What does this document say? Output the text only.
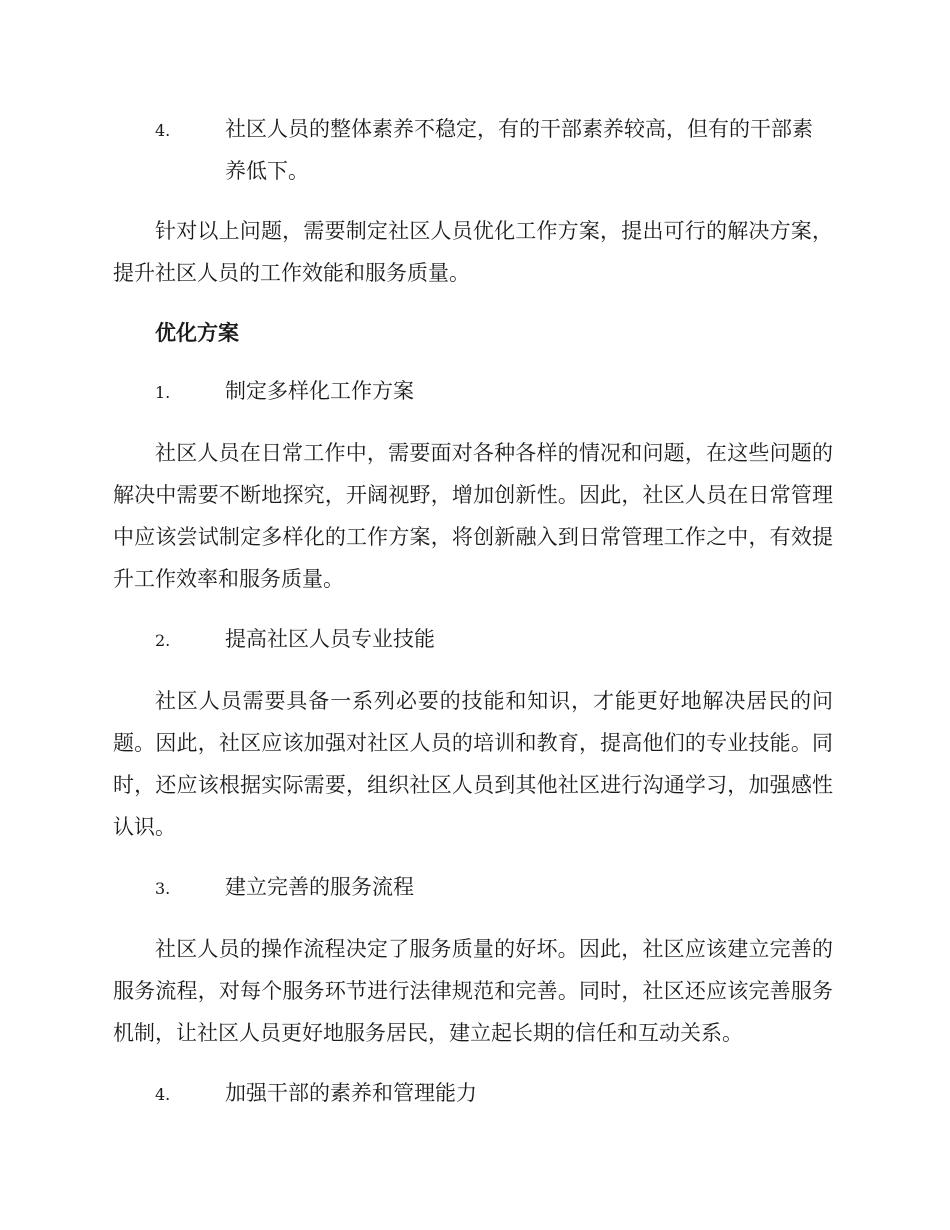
4.	社区人员的整体素养不稳定，有的干部素养较高，但有的干部素养低下。

针对以上问题，需要制定社区人员优化工作方案，提出可行的解决方案，提升社区人员的工作效能和服务质量。

优化方案
1.	制定多样化工作方案

社区人员在日常工作中，需要面对各种各样的情况和问题，在这些问题的解决中需要不断地探究，开阔视野，增加创新性。因此，社区人员在日常管理中应该尝试制定多样化的工作方案，将创新融入到日常管理工作之中，有效提升工作效率和服务质量。

2.	提高社区人员专业技能

社区人员需要具备一系列必要的技能和知识，才能更好地解决居民的问题。因此，社区应该加强对社区人员的培训和教育，提高他们的专业技能。同时，还应该根据实际需要，组织社区人员到其他社区进行沟通学习，加强感性认识。

3.	建立完善的服务流程

社区人员的操作流程决定了服务质量的好坏。因此，社区应该建立完善的服务流程，对每个服务环节进行法律规范和完善。同时，社区还应该完善服务机制，让社区人员更好地服务居民，建立起长期的信任和互动关系。

4.	加强干部的素养和管理能力
